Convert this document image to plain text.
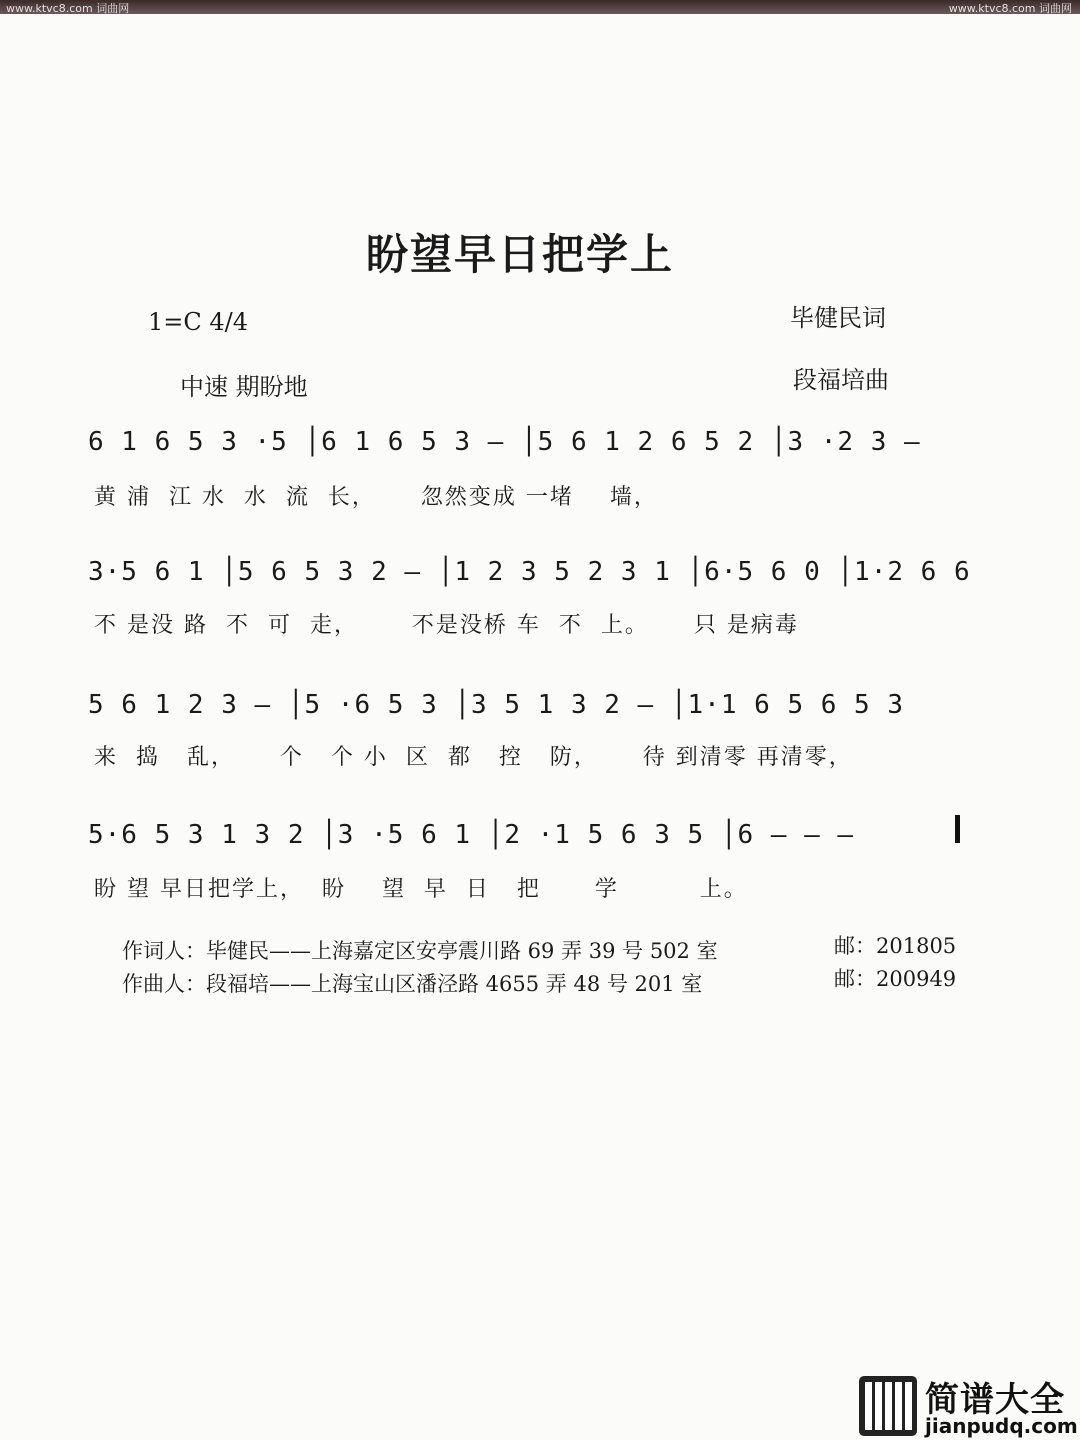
www.ktvc8.com 词曲网	www.ktvc8.com 词曲网
盼望早日把学上
1=C 4/4
中速 期盼地
毕健民词
段福培曲
6 1 6 5 3 ·5 │6 1 6 5 3 — │5 6 1 2 6 5 2 │3 ·2 3 —
黄 浦  江 水  水  流  长，     忽然变成 一堵    墙，
3·5 6 1 │5 6 5 3 2 — │1 2 3 5 2 3 1 │6·5 6 0 │1·2 6 6
不 是没 路  不  可  走，      不是没桥 车  不  上。     只 是病毒
5 6 1 2 3 — │5 ·6 5 3 │3 5 1 3 2 — │1·1 6 5 6 5 3
来  捣   乱，     个   个 小  区  都   控   防，     待 到清零 再清零，
5·6 5 3 1 3 2 │3 ·5 6 1 │2 ·1 5 6 3 5 │6 — — —
盼 望 早日把学上，  盼    望  早  日   把      学         上。
作词人：毕健民——上海嘉定区安亭震川路 69 弄 39 号 502 室	邮：201805
作曲人：段福培——上海宝山区潘泾路 4655 弄 48 号 201 室	邮：200949
简谱大全
jianpudq.com
